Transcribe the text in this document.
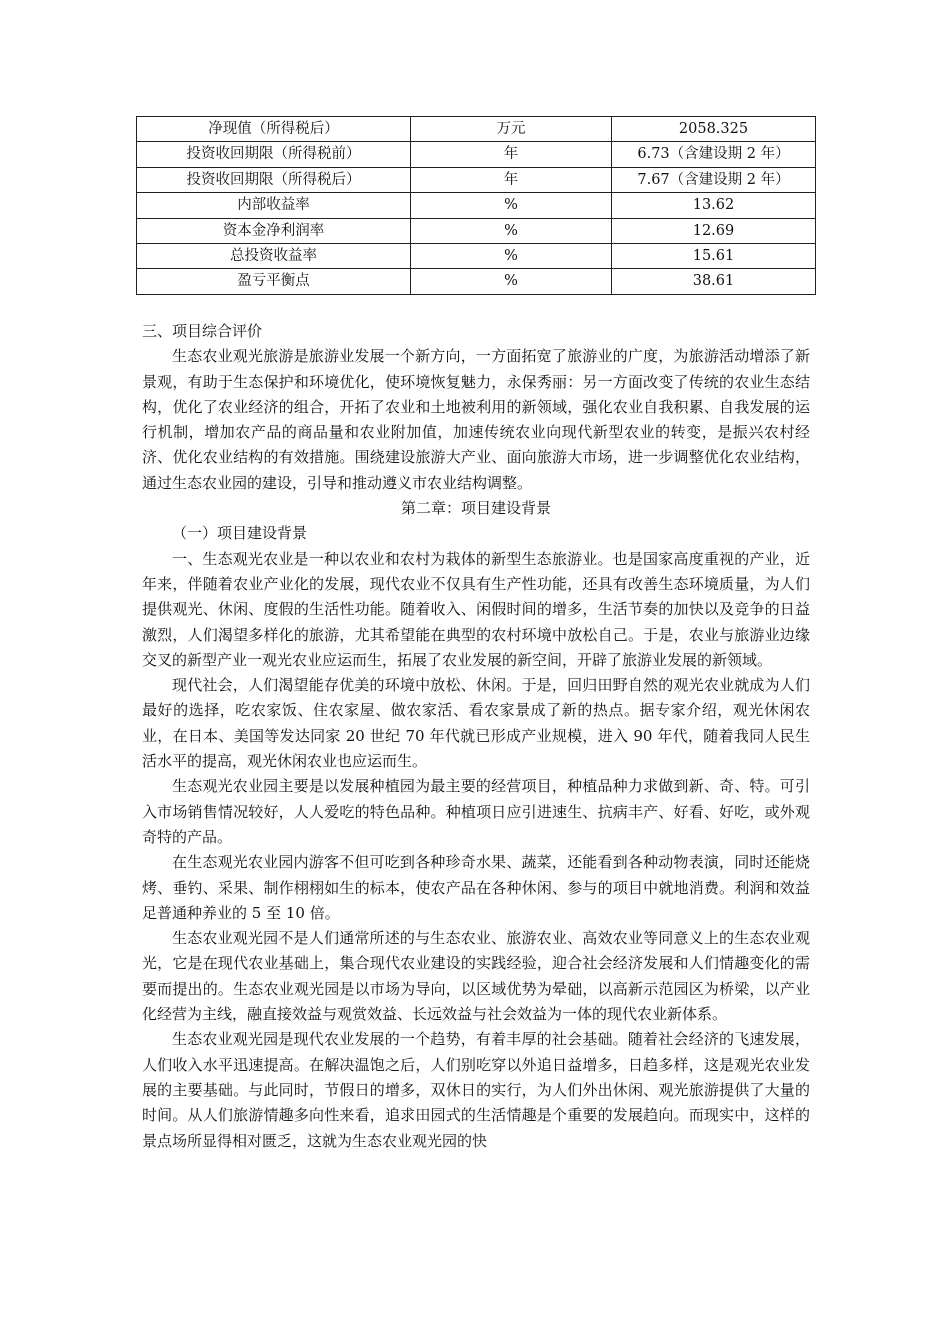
净现值（所得税后）	万元	2058.325
投资收回期限（所得税前）	年	6.73（含建设期 2 年）
投资收回期限（所得税后）	年	7.67（含建设期 2 年）
内部收益率	%	13.62
资本金净利润率	%	12.69
总投资收益率	%	15.61
盈亏平衡点	%	38.61

三、项目综合评价

生态农业观光旅游是旅游业发展一个新方向，一方面拓宽了旅游业的广度，为旅游活动增添了新景观，有助于生态保护和环境优化，使环境恢复魅力，永保秀丽：另一方面改变了传统的农业生态结构，优化了农业经济的组合，开拓了农业和土地被利用的新领域，强化农业自我积累、自我发展的运行机制，增加农产品的商品量和农业附加值，加速传统农业向现代新型农业的转变，是振兴农村经济、优化农业结构的有效措施。围绕建设旅游大产业、面向旅游大市场，进一步调整优化农业结构，通过生态农业园的建设，引导和推动遵义市农业结构调整。

第二章：项目建设背景

（一）项目建设背景

一、生态观光农业是一种以农业和农村为栽体的新型生态旅游业。也是国家高度重视的产业，近年来，伴随着农业产业化的发展，现代农业不仅具有生产性功能，还具有改善生态环境质量，为人们提供观光、休闲、度假的生活性功能。随着收入、闲假时间的增多，生活节奏的加快以及竞争的日益激烈，人们渴望多样化的旅游，尤其希望能在典型的农村环境中放松自己。于是，农业与旅游业边缘交叉的新型产业一观光农业应运而生，拓展了农业发展的新空间，开辟了旅游业发展的新领域。

现代社会，人们渴望能存优美的环境中放松、休闲。于是，回归田野自然的观光农业就成为人们最好的选择，吃农家饭、住农家屋、做农家活、看农家景成了新的热点。据专家介绍，观光休闲农业，在日本、美国等发达同家 20 世纪 70 年代就已形成产业规模，进入 90 年代，随着我同人民生活水平的提高，观光休闲农业也应运而生。

生态观光农业园主要是以发展种植园为最主要的经营项目，种植品种力求做到新、奇、特。可引入市场销售情况较好，人人爱吃的特色品种。种植项日应引进速生、抗病丰产、好看、好吃，或外观奇特的产品。

在生态观光农业园内游客不但可吃到各种珍奇水果、蔬菜，还能看到各种动物表演，同时还能烧烤、垂钓、采果、制作栩栩如生的标本，使农产品在各种休闲、参与的项目中就地消费。利润和效益足普通种养业的 5 至 10 倍。

生态农业观光园不是人们通常所述的与生态农业、旅游农业、高效农业等同意义上的生态农业观光，它是在现代农业基础上，集合现代农业建设的实践经验，迎合社会经济发展和人们情趣变化的需要而提出的。生态农业观光园是以市场为导向，以区域优势为晕础，以高新示范园区为桥梁，以产业化经营为主线，融直接效益与观赏效益、长远效益与社会效益为一体的现代农业新体系。

生态农业观光园是现代农业发展的一个趋势，有着丰厚的社会基础。随着社会经济的飞速发展，人们收入水平迅速提高。在解决温饱之后，人们别吃穿以外追日益增多，日趋多样，这是观光农业发展的主要基础。与此同时，节假日的增多，双休日的实行，为人们外出休闲、观光旅游提供了大量的时间。从人们旅游情趣多向性来看，追求田园式的生活情趣是个重要的发展趋向。而现实中，这样的景点场所显得相对匮乏，这就为生态农业观光园的快
